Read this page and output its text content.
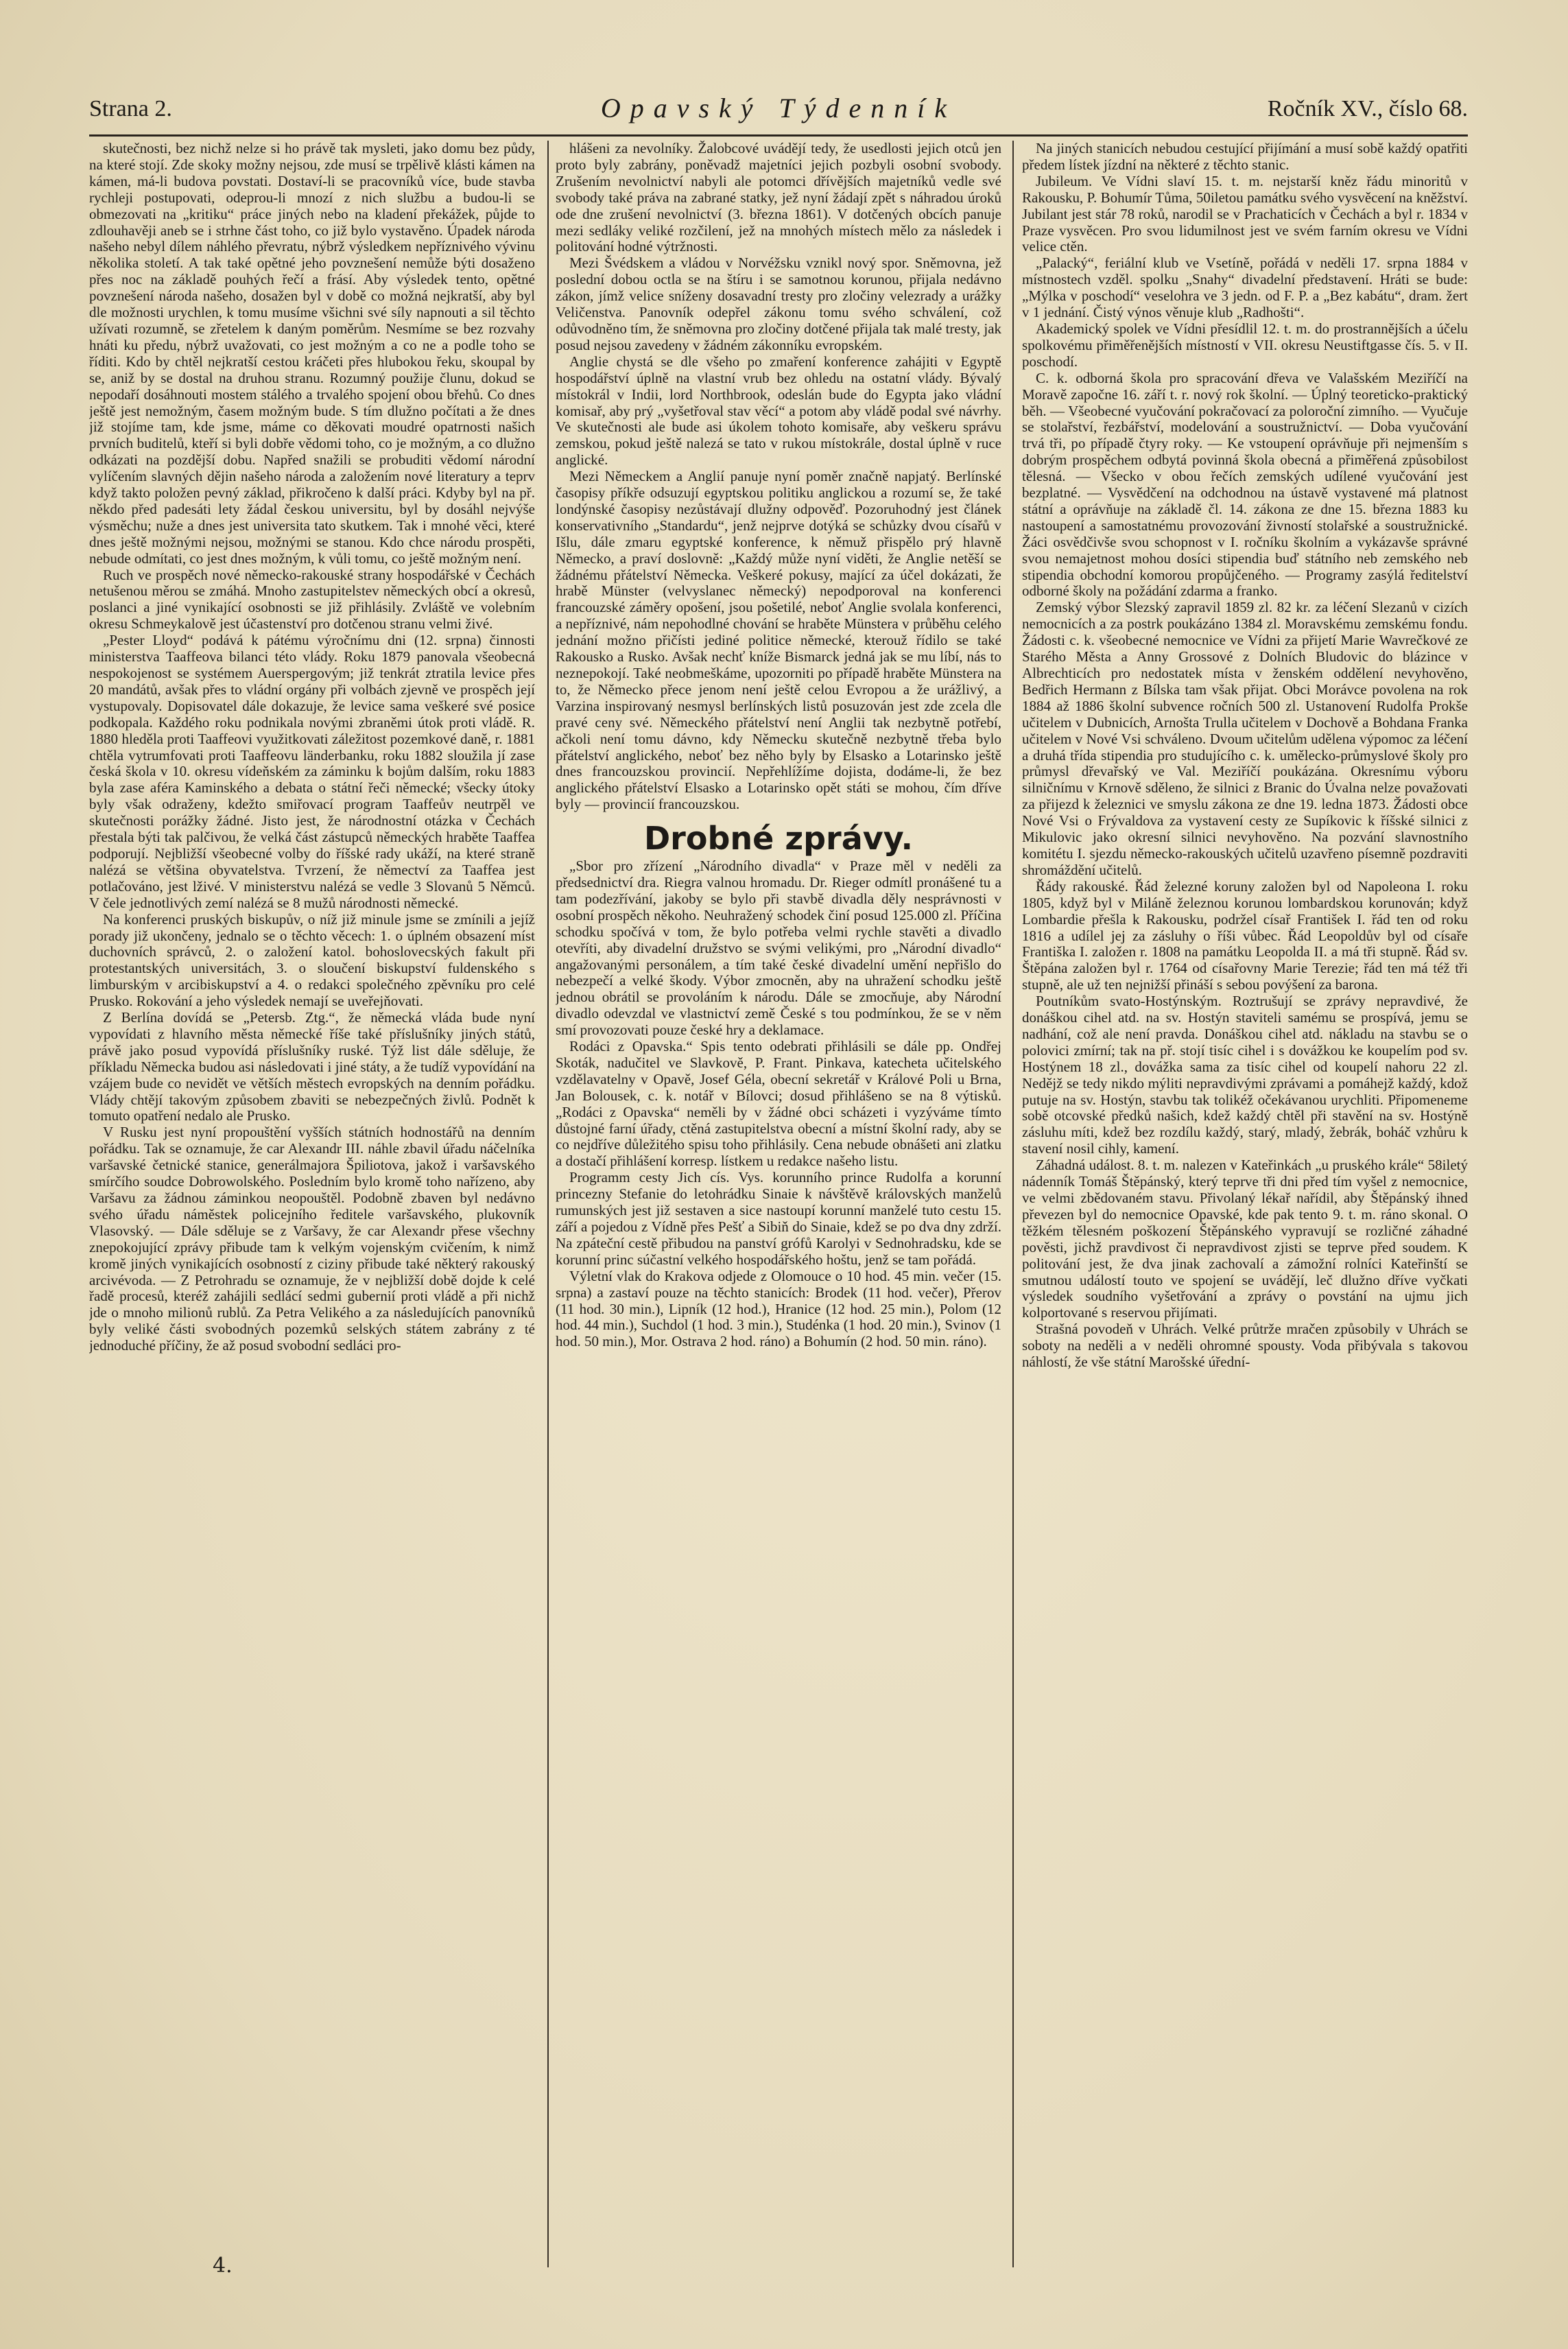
Strana 2.	Opavský Týdenník	Ročník XV., číslo 68.

skutečnosti, bez nichž nelze si ho právě tak mysleti, jako domu bez půdy, na které stojí. Zde skoky možny nejsou, zde musí se trpělivě klásti kámen na kámen, má-li budova povstati. Dostaví-li se pracovníků více, bude stavba rychleji postupovati, odeprou-li mnozí z nich službu a budou-li se obmezovati na „kritiku“ práce jiných nebo na kladení překážek, půjde to zdlouhavěji aneb se i strhne část toho, co již bylo vystavěno. Úpadek národa našeho nebyl dílem náhlého převratu, nýbrž výsledkem nepříznivého vývinu několika století. A tak také opětné jeho povznešení nemůže býti dosaženo přes noc na základě pouhých řečí a frásí. Aby výsledek tento, opětné povznešení národa našeho, dosažen byl v době co možná nejkratší, aby byl dle možnosti urychlen, k tomu musíme všichni své síly napnouti a sil těchto užívati rozumně, se zřetelem k daným poměrům. Nesmíme se bez rozvahy hnáti ku předu, nýbrž uvažovati, co jest možným a co ne a podle toho se říditi. Kdo by chtěl nejkratší cestou kráčeti přes hlubokou řeku, skoupal by se, aniž by se dostal na druhou stranu. Rozumný použije člunu, dokud se nepodaří dosáhnouti mostem stálého a trvalého spojení obou břehů. Co dnes ještě jest nemožným, časem možným bude. S tím dlužno počítati a že dnes již stojíme tam, kde jsme, máme co děkovati moudré opatrnosti našich prvních buditelů, kteří si byli dobře vědomi toho, co je možným, a co dlužno odkázati na pozdější dobu. Napřed snažili se probuditi vědomí národní vylíčením slavných dějin našeho národa a založením nové literatury a teprv když takto položen pevný základ, přikročeno k další práci. Kdyby byl na př. někdo před padesáti lety žádal českou universitu, byl by dosáhl nejvýše výsměchu; nuže a dnes jest universita tato skutkem. Tak i mnohé věci, které dnes ještě možnými nejsou, možnými se stanou. Kdo chce národu prospěti, nebude odmítati, co jest dnes možným, k vůli tomu, co ještě možným není.

Ruch ve prospěch nové německo-rakouské strany hospodářské v Čechách netušenou měrou se zmáhá. Mnoho zastupitelstev německých obcí a okresů, poslanci a jiné vynikající osobnosti se již přihlásily. Zvláště ve volebním okresu Schmeykalově jest účastenství pro dotčenou stranu velmi živé.

„Pester Lloyd“ podává k pátému výročnímu dni (12. srpna) činnosti ministerstva Taaffeova bilanci této vlády. Roku 1879 panovala všeobecná nespokojenost se systémem Auerspergovým; již tenkrát ztratila levice přes 20 mandátů, avšak přes to vládní orgány při volbách zjevně ve prospěch její vystupovaly. Dopisovatel dále dokazuje, že levice sama veškeré své posice podkopala. Každého roku podnikala novými zbraněmi útok proti vládě. R. 1880 hleděla proti Taaffeovi využitkovati záležitost pozemkové daně, r. 1881 chtěla vytrumfovati proti Taaffeovu länderbanku, roku 1882 sloužila jí zase česká škola v 10. okresu vídeňském za záminku k bojům dalším, roku 1883 byla zase aféra Kaminského a debata o státní řeči německé; všecky útoky byly však odraženy, kdežto smiřovací program Taaffeův neutrpěl ve skutečnosti porážky žádné. Jisto jest, že národnostní otázka v Čechách přestala býti tak palčivou, že velká část zástupců německých hraběte Taaffea podporují. Nejbližší všeobecné volby do říšské rady ukáží, na které straně nalézá se většina obyvatelstva. Tvrzení, že němectví za Taaffea jest potlačováno, jest lživé. V ministerstvu nalézá se vedle 3 Slovanů 5 Němců. V čele jednotlivých zemí nalézá se 8 mužů národnosti německé.

Na konferenci pruských biskupův, o níž již minule jsme se zmínili a jejíž porady již ukončeny, jednalo se o těchto věcech: 1. o úplném obsazení míst duchovních správců, 2. o založení katol. bohoslovecských fakult při protestantských universitách, 3. o sloučení biskupství fuldenského s limburským v arcibiskupství a 4. o redakci společného zpěvníku pro celé Prusko. Rokování a jeho výsledek nemají se uveřejňovati.

Z Berlína dovídá se „Petersb. Ztg.“, že německá vláda bude nyní vypovídati z hlavního města německé říše také příslušníky jiných států, právě jako posud vypovídá příslušníky ruské. Týž list dále sděluje, že příkladu Německa budou asi následovati i jiné státy, a že tudíž vypovídání na vzájem bude co nevidět ve větších městech evropských na denním pořádku. Vlády chtějí takovým způsobem zbaviti se nebezpečných živlů. Podnět k tomuto opatření nedalo ale Prusko.

V Rusku jest nyní propouštění vyšších státních hodnostářů na denním pořádku. Tak se oznamuje, že car Alexandr III. náhle zbavil úřadu náčelníka varšavské četnické stanice, generálmajora Špiliotova, jakož i varšavského smírčího soudce Dobrowolského. Posledním bylo kromě toho nařízeno, aby Varšavu za žádnou záminkou neopouštěl. Podobně zbaven byl nedávno svého úřadu náměstek policejního ředitele varšavského, plukovník Vlasovský. — Dále sděluje se z Varšavy, že car Alexandr přese všechny znepokojující zprávy přibude tam k velkým vojenským cvičením, k nimž kromě jiných vynikajících osobností z ciziny přibude také některý rakouský arcivévoda. — Z Petrohradu se oznamuje, že v nejbližší době dojde k celé řadě procesů, kteréž zahájili sedlácí sedmi gubernií proti vládě a při nichž jde o mnoho milionů rublů. Za Petra Velikého a za následujících panovníků byly veliké části svobodných pozemků selských státem zabrány z té jednoduché příčiny, že až posud svobodní sedláci pro-

hlášeni za nevolníky. Žalobcové uvádějí tedy, že usedlosti jejich otců jen proto byly zabrány, poněvadž majetníci jejich pozbyli osobní svobody. Zrušením nevolnictví nabyli ale potomci dřívějších majetníků vedle své svobody také práva na zabrané statky, jež nyní žádají zpět s náhradou úroků ode dne zrušení nevolnictví (3. března 1861). V dotčených obcích panuje mezi sedláky veliké rozčilení, jež na mnohých místech mělo za následek i politování hodné výtržnosti.

Mezi Švédskem a vládou v Norvéžsku vznikl nový spor. Sněmovna, jež poslední dobou octla se na štíru i se samotnou korunou, přijala nedávno zákon, jímž velice sníženy dosavadní tresty pro zločiny velezrady a urážky Veličenstva. Panovník odepřel zákonu tomu svého schválení, což odůvodněno tím, že sněmovna pro zločiny dotčené přijala tak malé tresty, jak posud nejsou zavedeny v žádném zákonníku evropském.

Anglie chystá se dle všeho po zmaření konference zahájiti v Egyptě hospodářství úplně na vlastní vrub bez ohledu na ostatní vlády. Bývalý místokrál v Indii, lord Northbrook, odeslán bude do Egypta jako vládní komisař, aby prý „vyšetřoval stav věcí“ a potom aby vládě podal své návrhy. Ve skutečnosti ale bude asi úkolem tohoto komisaře, aby veškeru správu zemskou, pokud ještě nalezá se tato v rukou místokrále, dostal úplně v ruce anglické.

Mezi Německem a Anglií panuje nyní poměr značně napjatý. Berlínské časopisy příkře odsuzují egyptskou politiku anglickou a rozumí se, že také londýnské časopisy nezůstávají dlužny odpověď. Pozoruhodný jest článek konservativního „Standardu“, jenž nejprve dotýká se schůzky dvou císařů v Išlu, dále zmaru egyptské konference, k němuž přispělo prý hlavně Německo, a praví doslovně: „Každý může nyní viděti, že Anglie netěší se žádnému přátelství Německa. Veškeré pokusy, mající za účel dokázati, že hrabě Münster (velvyslanec německý) nepodporoval na konferenci francouzské záměry opošení, jsou pošetilé, neboť Anglie svolala konferenci, a nepříznivé, nám nepohodlné chování se hraběte Münstera v průběhu celého jednání možno přičísti jediné politice německé, kterouž řídilo se také Rakousko a Rusko. Avšak nechť kníže Bismarck jedná jak se mu líbí, nás to neznepokojí. Také neobmeškáme, upozorniti po případě hraběte Münstera na to, že Německo přece jenom není ještě celou Evropou a že urážlivý, a Varzina inspirovaný nesmysl berlínských listů posuzován jest zde zcela dle pravé ceny své. Německého přátelství není Anglii tak nezbytně potřebí, ačkoli není tomu dávno, kdy Německu skutečně nezbytně třeba bylo přátelství anglického, neboť bez něho byly by Elsasko a Lotarinsko ještě dnes francouzskou provincií. Nepřehlížíme dojista, dodáme-li, že bez anglického přátelství Elsasko a Lotarinsko opět státi se mohou, čím dříve byly — provincií francouzskou.

Drobné zprávy.

„Sbor pro zřízení „Národního divadla“ v Praze měl v neděli za předsednictví dra. Riegra valnou hromadu. Dr. Rieger odmítl pronášené tu a tam podezřívání, jakoby se bylo při stavbě divadla děly nesprávnosti v osobní prospěch někoho. Neuhražený schodek činí posud 125.000 zl. Příčina schodku spočívá v tom, že bylo potřeba velmi rychle stavěti a divadlo otevříti, aby divadelní družstvo se svými velikými, pro „Národní divadlo“ angažovanými personálem, a tím také české divadelní umění nepřišlo do nebezpečí a velké škody. Výbor zmocněn, aby na uhražení schodku ještě jednou obrátil se provoláním k národu. Dále se zmocňuje, aby Národní divadlo odevzdal ve vlastnictví země České s tou podmínkou, že se v něm smí provozovati pouze české hry a deklamace.

Rodáci z Opavska.“ Spis tento odebrati přihlásili se dále pp. Ondřej Skoták, nadučitel ve Slavkově, P. Frant. Pinkava, katecheta učitelského vzdělavatelny v Opavě, Josef Géla, obecní sekretář v Králové Poli u Brna, Jan Bolousek, c. k. notář v Bílovci; dosud přihlášeno se na 8 výtisků. „Rodáci z Opavska“ neměli by v žádné obci scházeti i vyzýváme tímto důstojné farní úřady, ctěná zastupitelstva obecní a místní školní rady, aby se co nejdříve důležitého spisu toho přihlásily. Cena nebude obnášeti ani zlatku a dostačí přihlášení korresp. lístkem u redakce našeho listu.

Programm cesty Jich cís. Vys. korunního prince Rudolfa a korunní princezny Stefanie do letohrádku Sinaie k návštěvě královských manželů rumunských jest již sestaven a sice nastoupí korunní manželé tuto cestu 15. září a pojedou z Vídně přes Pešť a Sibiň do Sinaie, kdež se po dva dny zdrží. Na zpáteční cestě přibudou na panství grófů Karolyi v Sednohradsku, kde se korunní princ súčastní velkého hospodářského hoštu, jenž se tam pořádá.

Výletní vlak do Krakova odjede z Olomouce o 10 hod. 45 min. večer (15. srpna) a zastaví pouze na těchto stanicích: Brodek (11 hod. večer), Přerov (11 hod. 30 min.), Lipník (12 hod.), Hranice (12 hod. 25 min.), Polom (12 hod. 44 min.), Suchdol (1 hod. 3 min.), Studénka (1 hod. 20 min.), Svinov (1 hod. 50 min.), Mor. Ostrava 2 hod. ráno) a Bohumín (2 hod. 50 min. ráno).

Na jiných stanicích nebudou cestující přijímání a musí sobě každý opatřiti předem lístek jízdní na některé z těchto stanic.

Jubileum. Ve Vídni slaví 15. t. m. nejstarší kněz řádu minoritů v Rakousku, P. Bohumír Tůma, 50iletou památku svého vysvěcení na kněžství. Jubilant jest stár 78 roků, narodil se v Prachaticích v Čechách a byl r. 1834 v Praze vysvěcen. Pro svou lidumilnost jest ve svém farním okresu ve Vídni velice ctěn.

„Palacký“, feriální klub ve Vsetíně, pořádá v neděli 17. srpna 1884 v místnostech vzděl. spolku „Snahy“ divadelní představení. Hráti se bude: „Mýlka v poschodí“ veselohra ve 3 jedn. od F. P. a „Bez kabátu“, dram. žert v 1 jednání. Čistý výnos věnuje klub „Radhošti“.

Akademický spolek ve Vídni přesídlil 12. t. m. do prostrannějších a účelu spolkovému přiměřenějších místností v VII. okresu Neustiftgasse čís. 5. v II. poschodí.

C. k. odborná škola pro spracování dřeva ve Valašském Meziříčí na Moravě započne 16. září t. r. nový rok školní. — Úplný teoreticko-praktický běh. — Všeobecné vyučování pokračovací za poloroční zimního. — Vyučuje se stolařství, řezbářství, modelování a soustružnictví. — Doba vyučování trvá tři, po případě čtyry roky. — Ke vstoupení oprávňuje při nejmenším s dobrým prospěchem odbytá povinná škola obecná a přiměřená způsobilost tělesná. — Všecko v obou řečích zemských udílené vyučování jest bezplatné. — Vysvědčení na odchodnou na ústavě vystavené má platnost státní a oprávňuje na základě čl. 14. zákona ze dne 15. března 1883 ku nastoupení a samostatnému provozování živností stolařské a soustružnické. Žáci osvědčivše svou schopnost v I. ročníku školním a vykázavše správné svou nemajetnost mohou dosíci stipendia buď státního neb zemského neb stipendia obchodní komorou propůjčeného. — Programy zasýlá ředitelství odborné školy na požádání zdarma a franko.

Zemský výbor Slezský zapravil 1859 zl. 82 kr. za léčení Slezanů v cizích nemocnicích a za postrk poukázáno 1384 zl. Moravskému zemskému fondu. Žádosti c. k. všeobecné nemocnice ve Vídni za přijetí Marie Wavrečkové ze Starého Města a Anny Grossové z Dolních Bludovic do blázince v Albrechticích pro nedostatek místa v ženském oddělení nevyhověno, Bedřich Hermann z Bílska tam však přijat. Obci Morávce povolena na rok 1884 až 1886 školní subvence ročních 500 zl. Ustanovení Rudolfa Prokše učitelem v Dubnicích, Arnošta Trulla učitelem v Dochově a Bohdana Franka učitelem v Nové Vsi schváleno. Dvoum učitelům udělena výpomoc za léčení a druhá třída stipendia pro studujícího c. k. umělecko-průmyslové školy pro průmysl dřevařský ve Val. Meziříčí poukázána. Okresnímu výboru silničnímu v Krnově sděleno, že silnici z Branic do Úvalna nelze považovati za přijezd k železnici ve smyslu zákona ze dne 19. ledna 1873. Žádosti obce Nové Vsi o Frývaldova za vystavení cesty ze Supíkovic k říšské silnici z Mikulovic jako okresní silnici nevyhověno. Na pozvání slavnostního komitétu I. sjezdu německo-rakouských učitelů uzavřeno písemně pozdraviti shromáždění učitelů.

Řády rakouské. Řád železné koruny založen byl od Napoleona I. roku 1805, když byl v Miláně železnou korunou lombardskou korunován; když Lombardie přešla k Rakousku, podržel císař František I. řád ten od roku 1816 a udílel jej za zásluhy o říši vůbec. Řád Leopoldův byl od císaře Františka I. založen r. 1808 na památku Leopolda II. a má tři stupně. Řád sv. Štěpána založen byl r. 1764 od císařovny Marie Terezie; řád ten má též tři stupně, ale už ten nejnižší přináší s sebou povýšení za barona.

Poutníkům svato-Hostýnským. Roztrušují se zprávy nepravdivé, že donáškou cihel atd. na sv. Hostýn staviteli samému se prospívá, jemu se nadhání, což ale není pravda. Donáškou cihel atd. nákladu na stavbu se o polovici zmírní; tak na př. stojí tisíc cihel i s dovážkou ke koupelím pod sv. Hostýnem 18 zl., dovážka sama za tisíc cihel od koupelí nahoru 22 zl. Nedějž se tedy nikdo mýliti nepravdivými zprávami a pomáhejž každý, kdož putuje na sv. Hostýn, stavbu tak tolikéž očekávanou urychliti. Připomeneme sobě otcovské předků našich, kdež každý chtěl při stavění na sv. Hostýně zásluhu míti, kdež bez rozdílu každý, starý, mladý, žebrák, boháč vzhůru k stavení nosil cihly, kamení.

Záhadná událost. 8. t. m. nalezen v Kateřinkách „u pruského krále“ 58iletý nádenník Tomáš Štěpánský, který teprve tři dni před tím vyšel z nemocnice, ve velmi zbědovaném stavu. Přivolaný lékař nařídil, aby Štěpánský ihned převezen byl do nemocnice Opavské, kde pak tento 9. t. m. ráno skonal. O těžkém tělesném poškození Štěpánského vypravují se rozličné záhadné pověsti, jichž pravdivost či nepravdivost zjisti se teprve před soudem. K politování jest, že dva jinak zachovalí a zámožní rolníci Kateřinští se smutnou událostí touto ve spojení se uvádějí, leč dlužno dříve vyčkati výsledek soudního vyšetřování a zprávy o povstání na ujmu jich kolportované s reservou přijímati.

Strašná povodeň v Uhrách. Velké průtrže mračen způsobily v Uhrách se soboty na neděli a v neděli ohromné spousty. Voda přibývala s takovou náhlostí, že vše státní Marošské úřední-

4.
